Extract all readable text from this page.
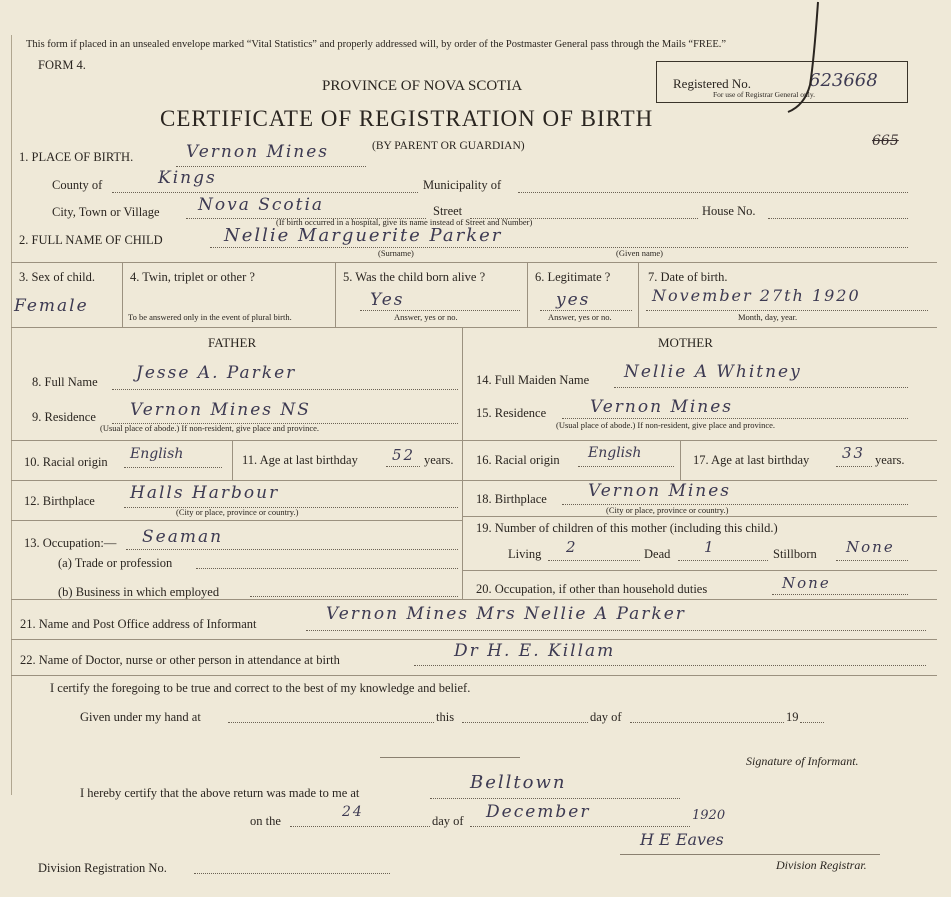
This form if placed in an unsealed envelope marked “Vital Statistics” and properly addressed will, by order of the Postmaster General pass through the Mails “FREE.”
FORM 4.
PROVINCE OF NOVA SCOTIA
CERTIFICATE OF REGISTRATION OF BIRTH
(BY PARENT OR GUARDIAN)
Registered No.	623668
For use of Registrar General only.
665
1. PLACE OF BIRTH.	Vernon Mines
County of	Kings	Municipality of
City, Town or Village Nova Scotia	Street	House No.
(If birth occurred in a hospital, give its name instead of Street and Number)
2. FULL NAME OF CHILD	Nellie Marguerite Parker
(Surname)	(Given name)
3. Sex of child.
Female
4. Twin, triplet or other ?
To be answered only in the event of plural birth.
5. Was the child born alive ?
Yes
Answer, yes or no.
6. Legitimate ?
yes
Answer, yes or no.
7. Date of birth.
November 27th 1920
Month, day, year.
FATHER	MOTHER
8. Full Name Jesse A. Parker
9. Residence Vernon Mines NS
(Usual place of abode.) If non-resident, give place and province.
10. Racial origin English	11. Age at last birthday 52 years.
12. Birthplace Halls Harbour
(City or place, province or country.)
13. Occupation:— Seaman
(a) Trade or profession
(b) Business in which employed
14. Full Maiden Name Nellie A Whitney
15. Residence	Vernon Mines
(Usual place of abode.) If non-resident, give place and province.
16. Racial origin English	17. Age at last birthday 33 years.
18. Birthplace Vernon Mines
(City or place, province or country.)
19. Number of children of this mother (including this child.)
Living 2	Dead 1	Stillborn None
20. Occupation, if other than household duties	None
21. Name and Post Office address of Informant	Vernon Mines Mrs Nellie A Parker
22. Name of Doctor, nurse or other person in attendance at birth	Dr H. E. Killam
I certify the foregoing to be true and correct to the best of my knowledge and belief.
Given under my hand at	this	day of	19
Signature of Informant.
I hereby certify that the above return was made to me at	Belltown
on the
24
day of December	1920
H E Eaves
Division Registration No.	Division Registrar.
